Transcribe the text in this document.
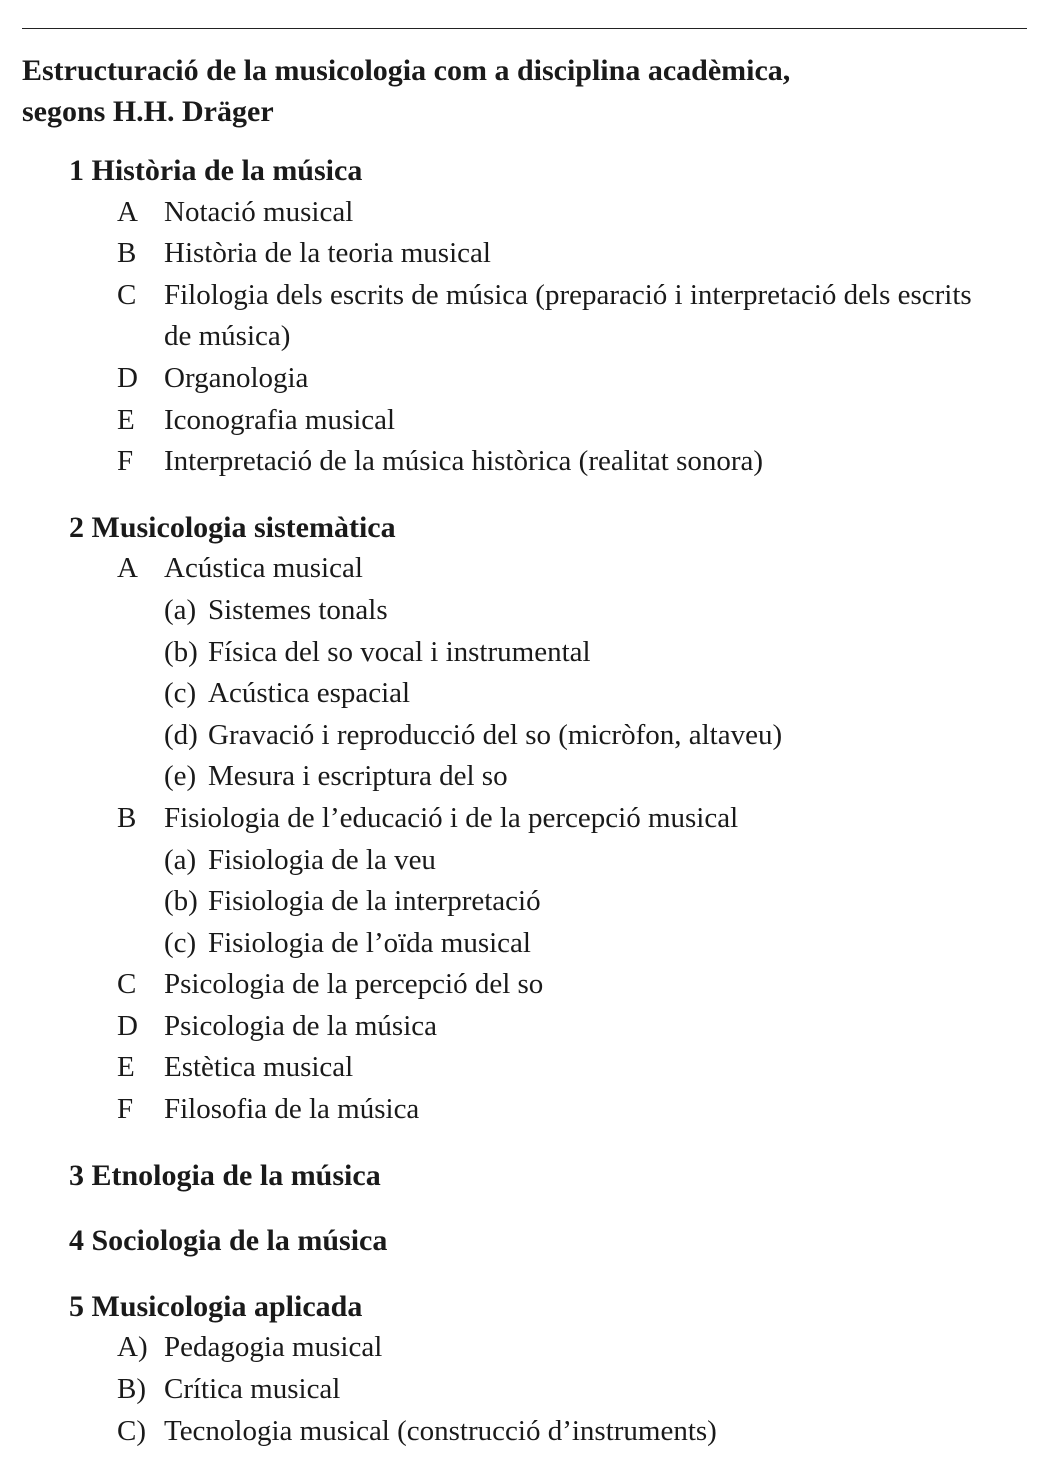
Estructuració de la musicologia com a disciplina acadèmica,
segons H.H. Dräger
1 Història de la música
A Notació musical
B Història de la teoria musical
C Filologia dels escrits de música (preparació i interpretació dels escrits de música)
D Organologia
E Iconografia musical
F Interpretació de la música històrica (realitat sonora)
2 Musicologia sistemàtica
A Acústica musical
(a) Sistemes tonals
(b) Física del so vocal i instrumental
(c) Acústica espacial
(d) Gravació i reproducció del so (micròfon, altaveu)
(e) Mesura i escriptura del so
B Fisiologia de l’educació i de la percepció musical
(a) Fisiologia de la veu
(b) Fisiologia de la interpretació
(c) Fisiologia de l’oïda musical
C Psicologia de la percepció del so
D Psicologia de la música
E Estètica musical
F Filosofia de la música
3 Etnologia de la música
4 Sociologia de la música
5 Musicologia aplicada
A) Pedagogia musical
B) Crítica musical
C) Tecnologia musical (construcció d’instruments)
